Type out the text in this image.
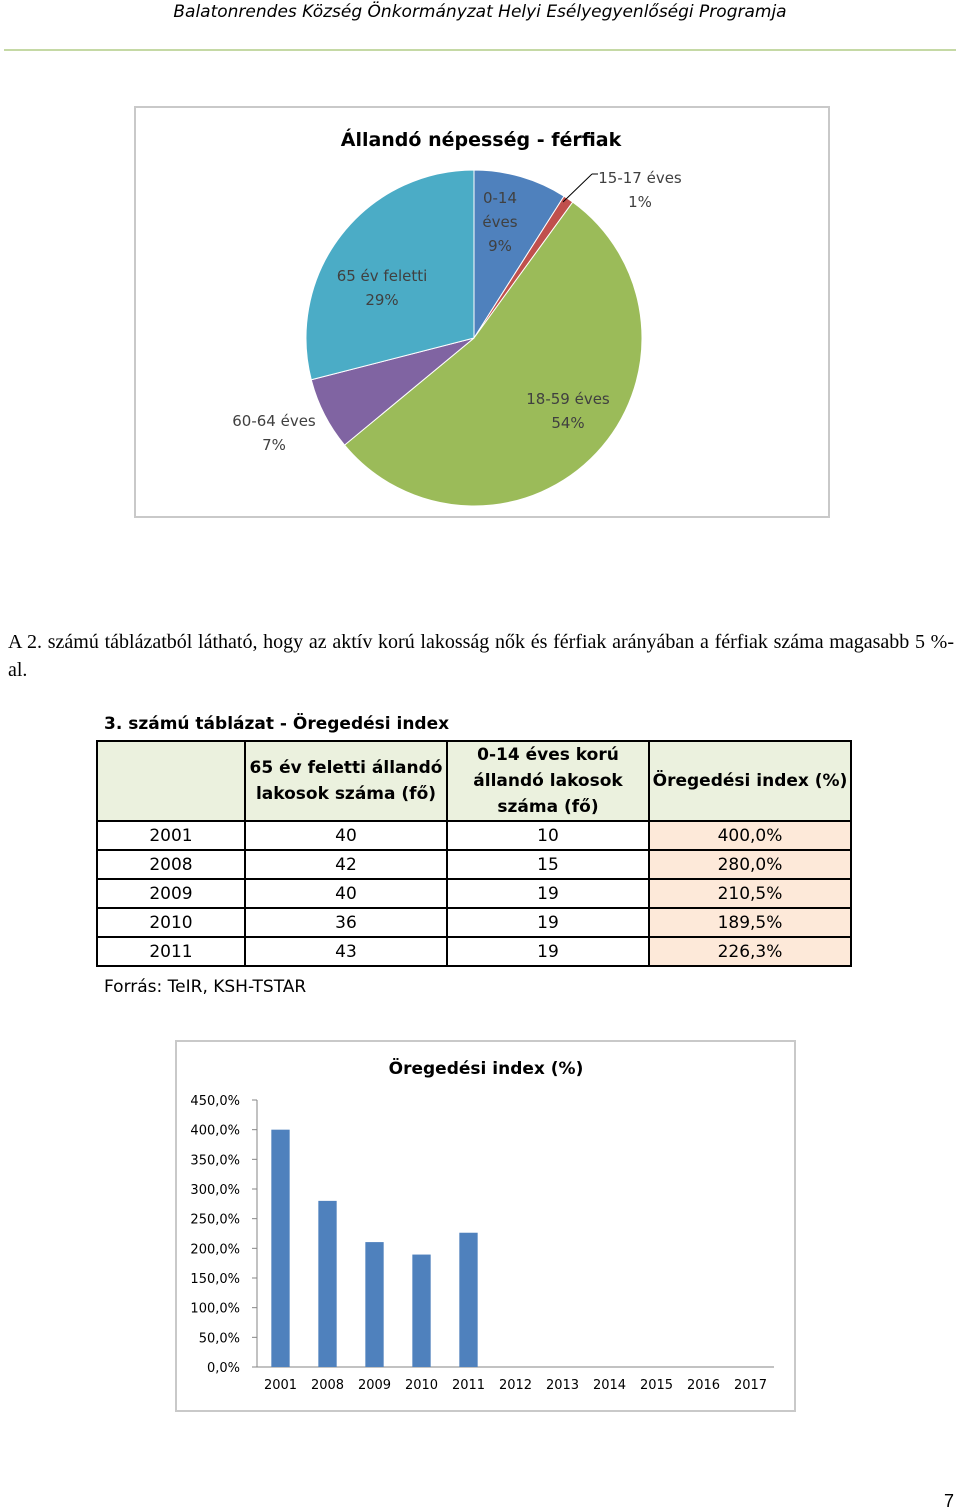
Balatonrendes Község Önkormányzat Helyi Esélyegyenlőségi Programja
Állandó népesség - férfiak
0-14
éves
9%
15-17 éves
1%
18-59 éves
54%
60-64 éves
7%
65 év feletti
29%

A 2. számú táblázatból látható, hogy az aktív korú lakosság nők és férfiak arányában a férfiak száma magasabb 5 %-al.

3. számú táblázat - Öregedési index
	65 év feletti állandó lakosok száma (fő)	0-14 éves korú állandó lakosok száma (fő)	Öregedési index (%)
2001	40	10	400,0%
2008	42	15	280,0%
2009	40	19	210,5%
2010	36	19	189,5%
2011	43	19	226,3%
Forrás: TeIR, KSH-TSTAR
Öregedési index (%)
0,0%
50,0%
100,0%
150,0%
200,0%
250,0%
300,0%
350,0%
400,0%
450,0%
2001 2008 2009 2010 2011 2012 2013 2014 2015 2016 2017
7
